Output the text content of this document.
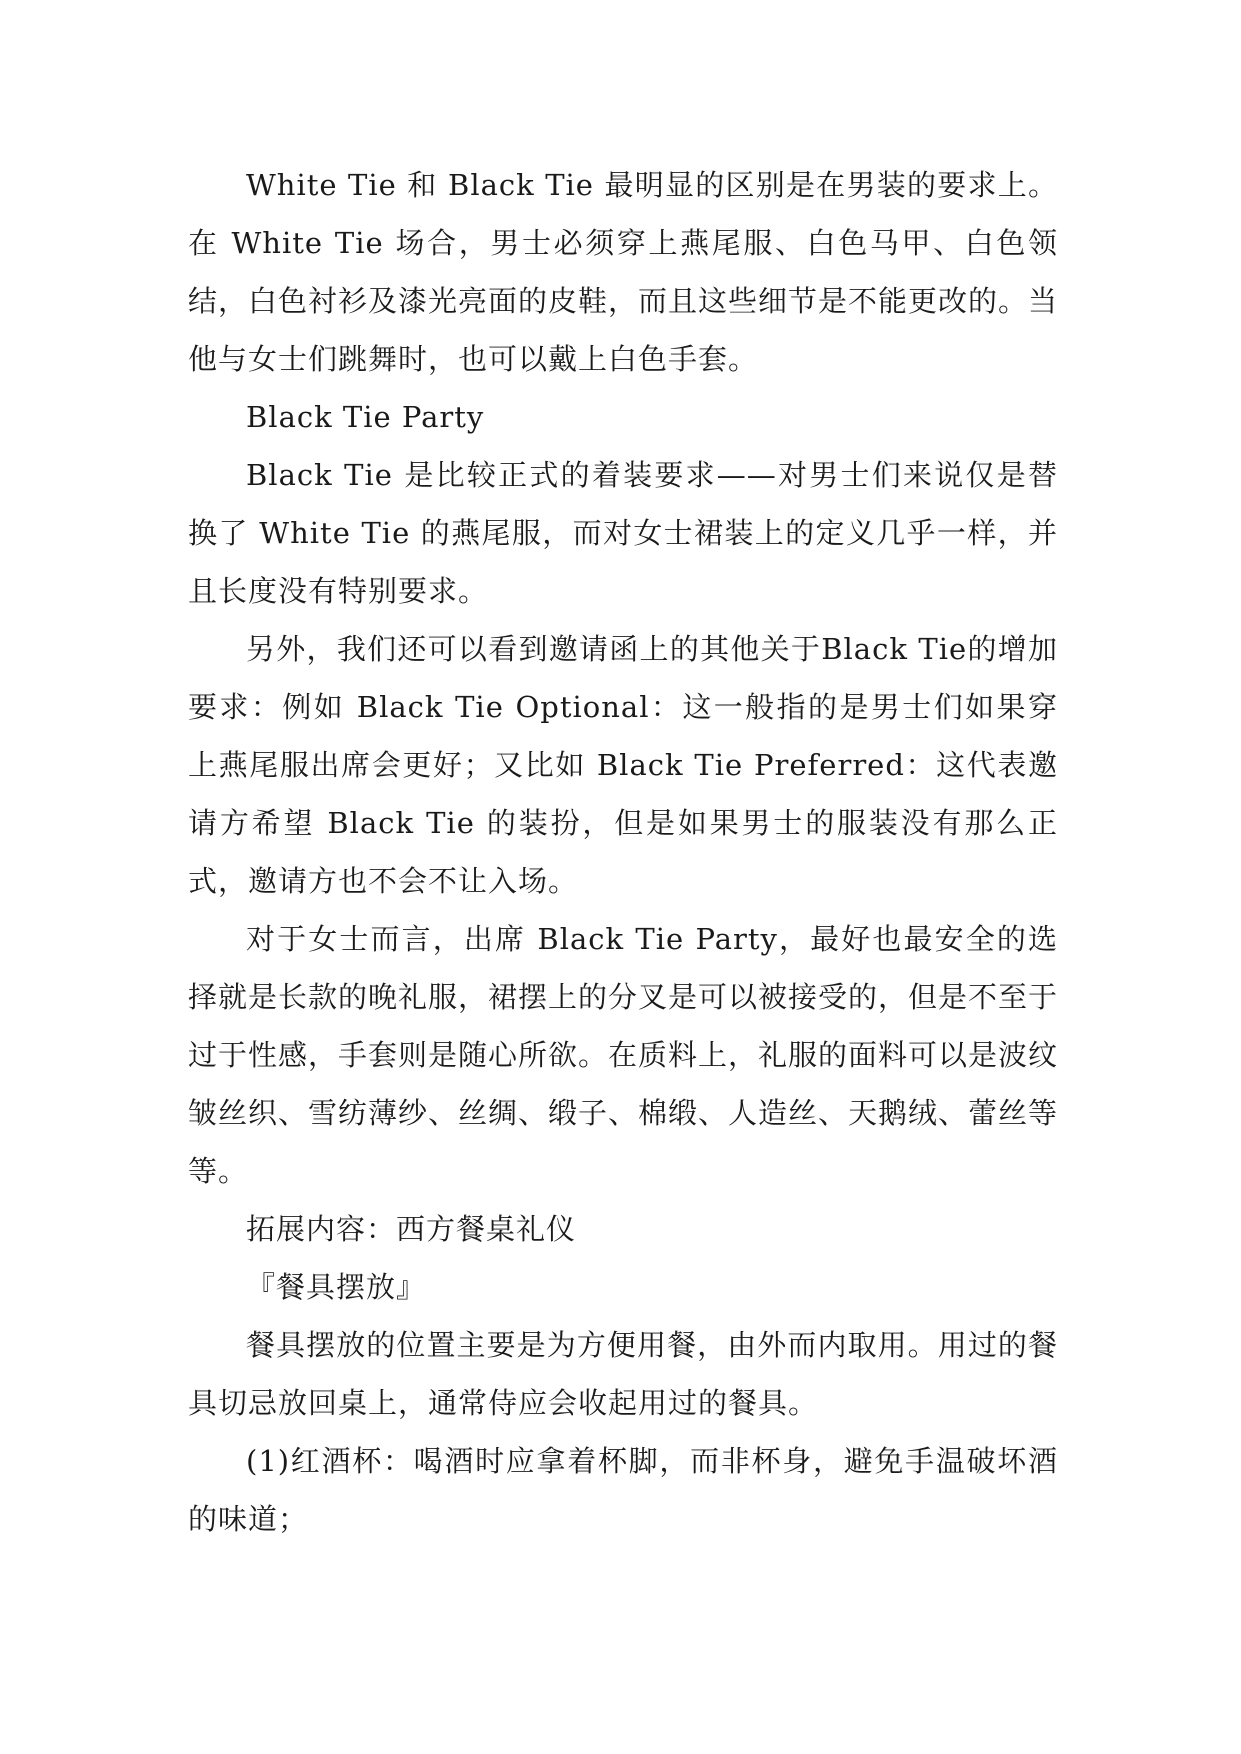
White Tie 和 Black Tie 最明显的区别是在男装的要求上。在 White Tie 场合，男士必须穿上燕尾服、白色马甲、白色领结，白色衬衫及漆光亮面的皮鞋，而且这些细节是不能更改的。当他与女士们跳舞时，也可以戴上白色手套。

Black Tie Party

Black Tie 是比较正式的着装要求——对男士们来说仅是替换了 White Tie 的燕尾服，而对女士裙装上的定义几乎一样，并且长度没有特别要求。

另外，我们还可以看到邀请函上的其他关于Black Tie的增加要求：例如 Black Tie Optional：这一般指的是男士们如果穿上燕尾服出席会更好；又比如 Black Tie Preferred：这代表邀请方希望 Black Tie 的装扮，但是如果男士的服装没有那么正式，邀请方也不会不让入场。

对于女士而言，出席 Black Tie Party，最好也最安全的选择就是长款的晚礼服，裙摆上的分叉是可以被接受的，但是不至于过于性感，手套则是随心所欲。在质料上，礼服的面料可以是波纹皱丝织、雪纺薄纱、丝绸、缎子、棉缎、人造丝、天鹅绒、蕾丝等等。

拓展内容：西方餐桌礼仪

『餐具摆放』

餐具摆放的位置主要是为方便用餐，由外而内取用。用过的餐具切忌放回桌上，通常侍应会收起用过的餐具。

(1)红酒杯：喝酒时应拿着杯脚，而非杯身，避免手温破坏酒的味道；
